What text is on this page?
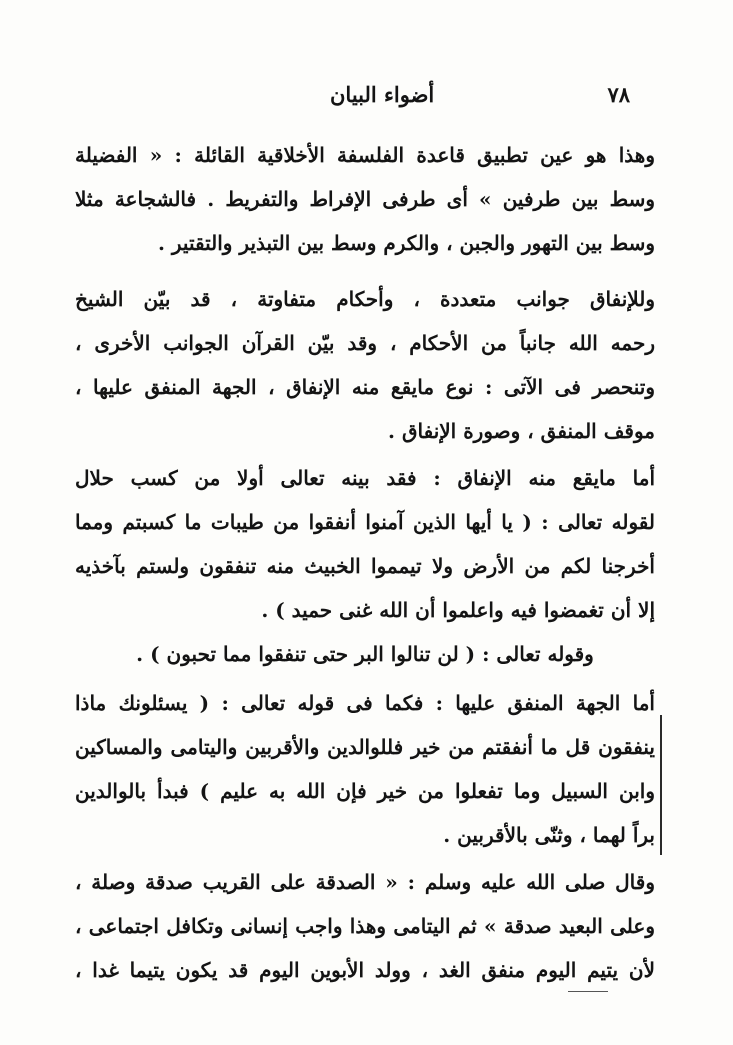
٧٨
أضواء البيان
وهذا هو عين تطبيق قاعدة الفلسفة الأخلاقية القائلة : « الفضيلة
وسط بين طرفين » أى طرفى الإفراط والتفريط . فالشجاعة مثلا
وسط بين التهور والجبن ، والكرم وسط بين التبذير والتقتير .
وللإنفاق جوانب متعددة ، وأحكام متفاوتة ، قد بيّن الشيخ
رحمه الله جانباً من الأحكام ، وقد بيّن القرآن الجوانب الأخرى ،
وتنحصر فى الآتى : نوع مايقع منه الإنفاق ، الجهة المنفق عليها ،
موقف المنفق ، وصورة الإنفاق .
أما مايقع منه الإنفاق : فقد بينه تعالى أولا من كسب حلال
لقوله تعالى : ( يا أيها الذين آمنوا أنفقوا من طيبات ما كسبتم ومما
أخرجنا لكم من الأرض ولا تيمموا الخبيث منه تنفقون ولستم بآخذيه
إلا أن تغمضوا فيه واعلموا أن الله غنى حميد ) .
وقوله تعالى : ( لن تنالوا البر حتى تنفقوا مما تحبون ) .
أما الجهة المنفق عليها : فكما فى قوله تعالى : ( يسئلونك ماذا
ينفقون قل ما أنفقتم من خير فللوالدين والأقربين واليتامى والمساكين
وابن السبيل وما تفعلوا من خير فإن الله به عليم ) فبدأ بالوالدين
براً لهما ، وثنّى بالأقربين .
وقال صلى الله عليه وسلم : « الصدقة على القريب صدقة وصلة ،
وعلى البعيد صدقة » ثم اليتامى وهذا واجب إنسانى وتكافل اجتماعى ،
لأن يتيم اليوم منفق الغد ، وولد الأبوين اليوم قد يكون يتيما غدا ،
